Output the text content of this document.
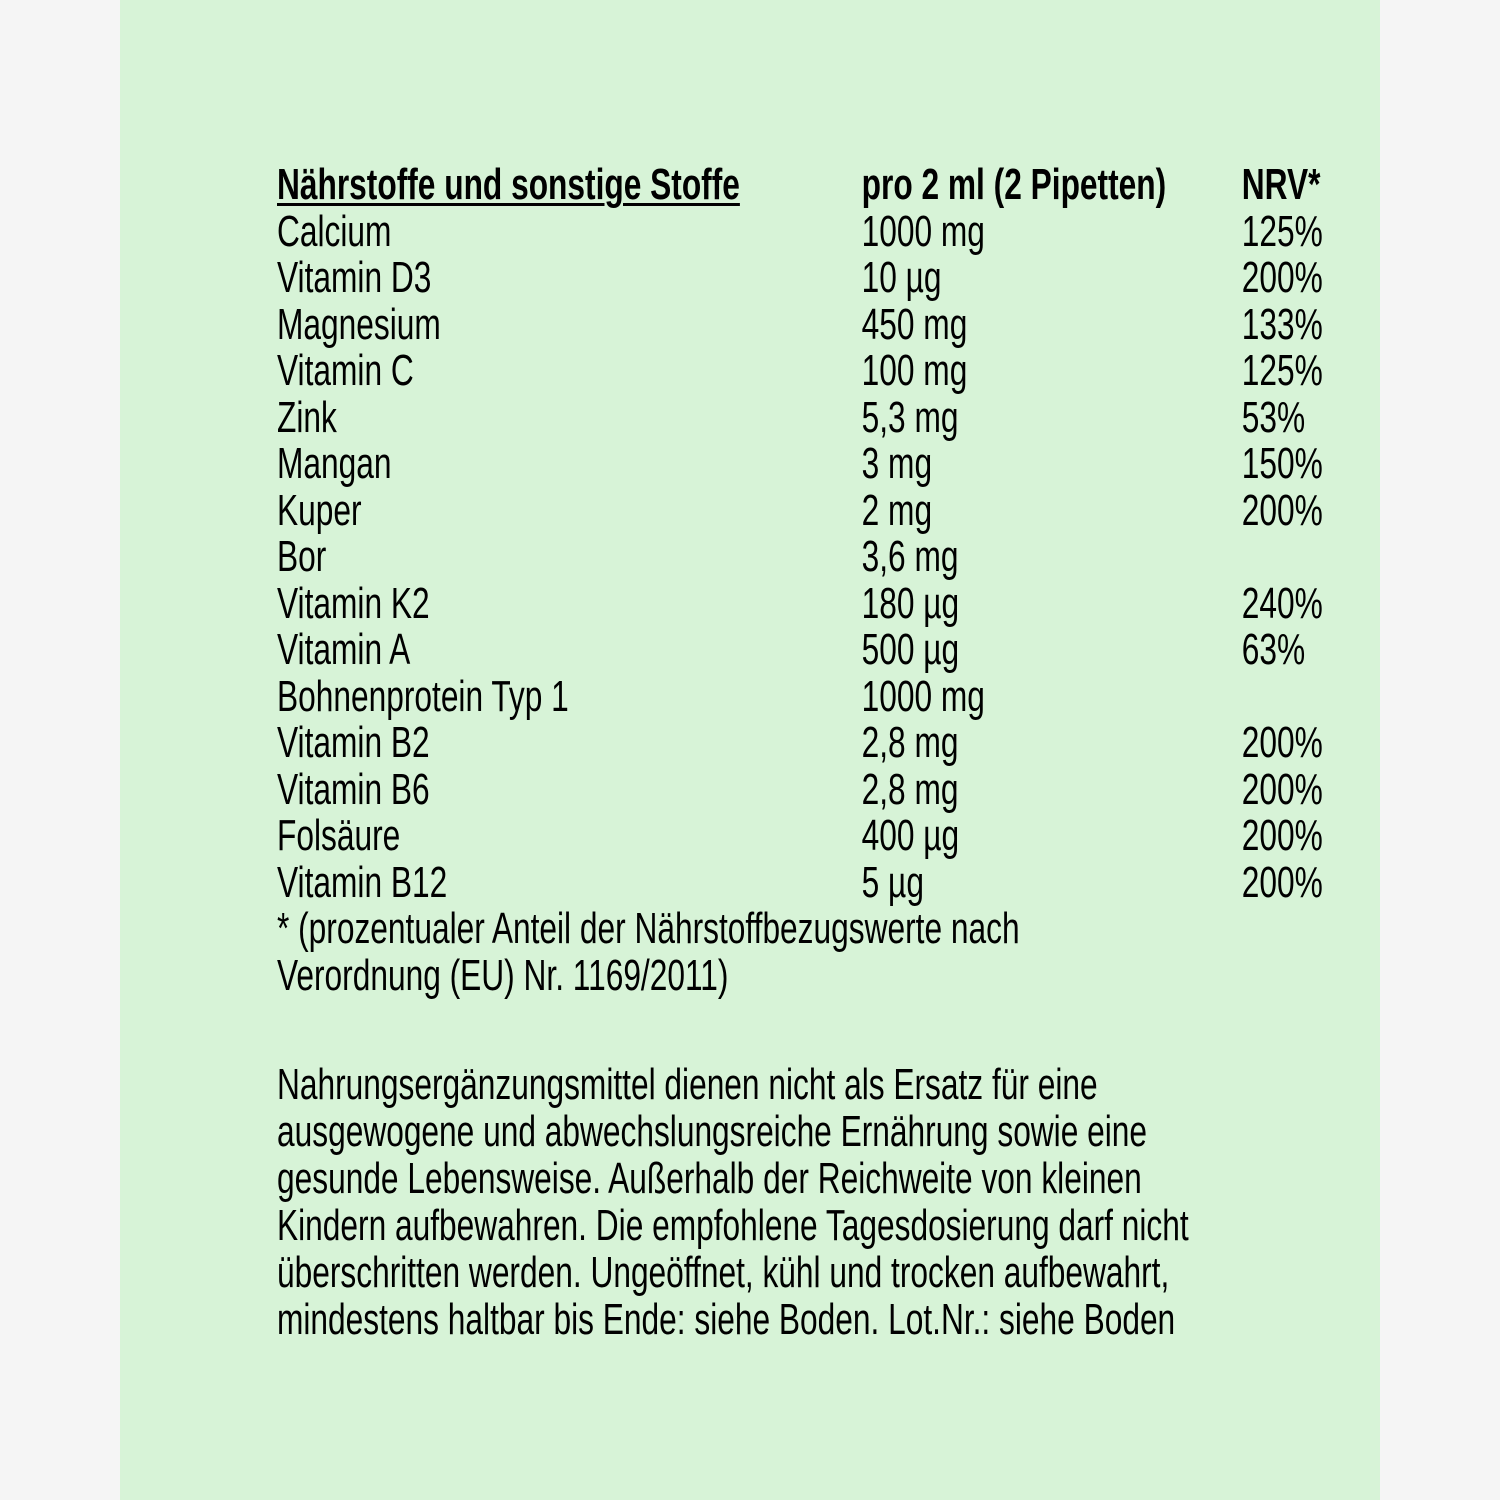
Nährstoffe und sonstige Stoffe	pro 2 ml (2 Pipetten) NRV*
Calcium	1000 mg	125%
Vitamin D3	10 µg	200%
Magnesium	450 mg	133%
Vitamin C	100 mg	125%
Zink	5,3 mg	53%
Mangan	3 mg	150%
Kuper	2 mg	200%
Bor	3,6 mg
Vitamin K2	180 µg	240%
Vitamin A	500 µg	63%
Bohnenprotein Typ 1	1000 mg
Vitamin B2	2,8 mg	200%
Vitamin B6	2,8 mg	200%
Folsäure	400 µg	200%
Vitamin B12	5 µg	200%
* (prozentualer Anteil der Nährstoffbezugswerte nach
Verordnung (EU) Nr. 1169/2011)
Nahrungsergänzungsmittel dienen nicht als Ersatz für eine
ausgewogene und abwechslungsreiche Ernährung sowie eine
gesunde Lebensweise. Außerhalb der Reichweite von kleinen
Kindern aufbewahren. Die empfohlene Tagesdosierung darf nicht
überschritten werden. Ungeöffnet, kühl und trocken aufbewahrt,
mindestens haltbar bis Ende: siehe Boden. Lot.Nr.: siehe Boden
